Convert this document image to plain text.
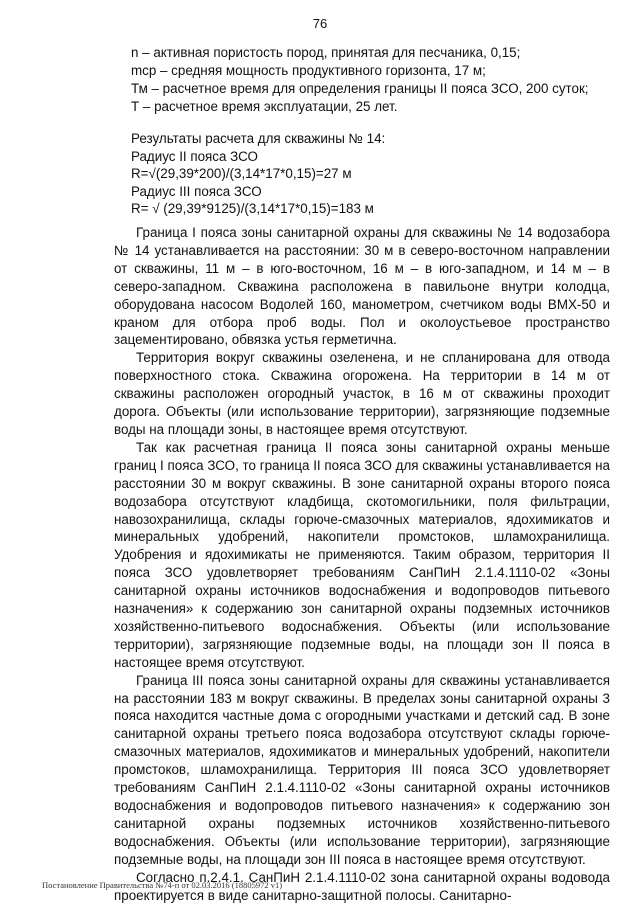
76

n – активная пористость пород, принятая для песчаника, 0,15;

mср – средняя мощность продуктивного горизонта, 17 м;

Тм – расчетное время для определения границы II пояса ЗСО, 200 суток;

Т – расчетное время эксплуатации, 25 лет.

Результаты расчета для скважины № 14:

Радиус II пояса ЗСО

R=√(29,39*200)/(3,14*17*0,15)=27 м

Радиус III пояса ЗСО

R= √ (29,39*9125)/(3,14*17*0,15)=183 м

Граница I пояса зоны санитарной охраны для скважины № 14 водозабора № 14 устанавливается на расстоянии: 30 м в северо-восточном направлении от скважины, 11 м – в юго-восточном, 16 м – в юго-западном, и 14 м – в северо-западном. Скважина расположена в павильоне внутри колодца, оборудована насосом Водолей 160, манометром, счетчиком воды ВМХ-50 и краном для отбора проб воды. Пол и околоустьевое пространство зацементировано, обвязка устья герметична.

Территория вокруг скважины озеленена, и не спланирована для отвода поверхностного стока. Скважина огорожена. На территории в 14 м от скважины расположен огородный участок, в 16 м от скважины проходит дорога. Объекты (или использование территории), загрязняющие подземные воды на площади зоны, в настоящее время отсутствуют.

Так как расчетная граница II пояса зоны санитарной охраны меньше границ I пояса ЗСО, то граница II пояса ЗСО для скважины устанавливается на расстоянии 30 м вокруг скважины. В зоне санитарной охраны второго пояса водозабора отсутствуют кладбища, скотомогильники, поля фильтрации, навозохранилища, склады горюче-смазочных материалов, ядохимикатов и минеральных удобрений, накопители промстоков, шламохранилища. Удобрения и ядохимикаты не применяются. Таким образом, территория II пояса ЗСО удовлетворяет требованиям СанПиН 2.1.4.1110-02 «Зоны санитарной охраны источников водоснабжения и водопроводов питьевого назначения» к содержанию зон санитарной охраны подземных источников хозяйственно-питьевого водоснабжения. Объекты (или использование территории), загрязняющие подземные воды, на площади зон II пояса в настоящее время отсутствуют.

Граница III пояса зоны санитарной охраны для скважины устанавливается на расстоянии 183 м вокруг скважины. В пределах зоны санитарной охраны 3 пояса находится частные дома с огородными участками и детский сад. В зоне санитарной охраны третьего пояса водозабора отсутствуют склады горюче-смазочных материалов, ядохимикатов и минеральных удобрений, накопители промстоков, шламохранилища. Территория III пояса ЗСО удовлетворяет требованиям СанПиН 2.1.4.1110-02 «Зоны санитарной охраны источников водоснабжения и водопроводов питьевого назначения» к содержанию зон санитарной охраны подземных источников хозяйственно-питьевого водоснабжения. Объекты (или использование территории), загрязняющие подземные воды, на площади зон III пояса в настоящее время отсутствуют.

Согласно п.2.4.1. СанПиН 2.1.4.1110-02 зона санитарной охраны водовода проектируется в виде санитарно-защитной полосы. Санитарно-

Постановление Правительства №74-п от 02.03.2016 (18805972 v1)
